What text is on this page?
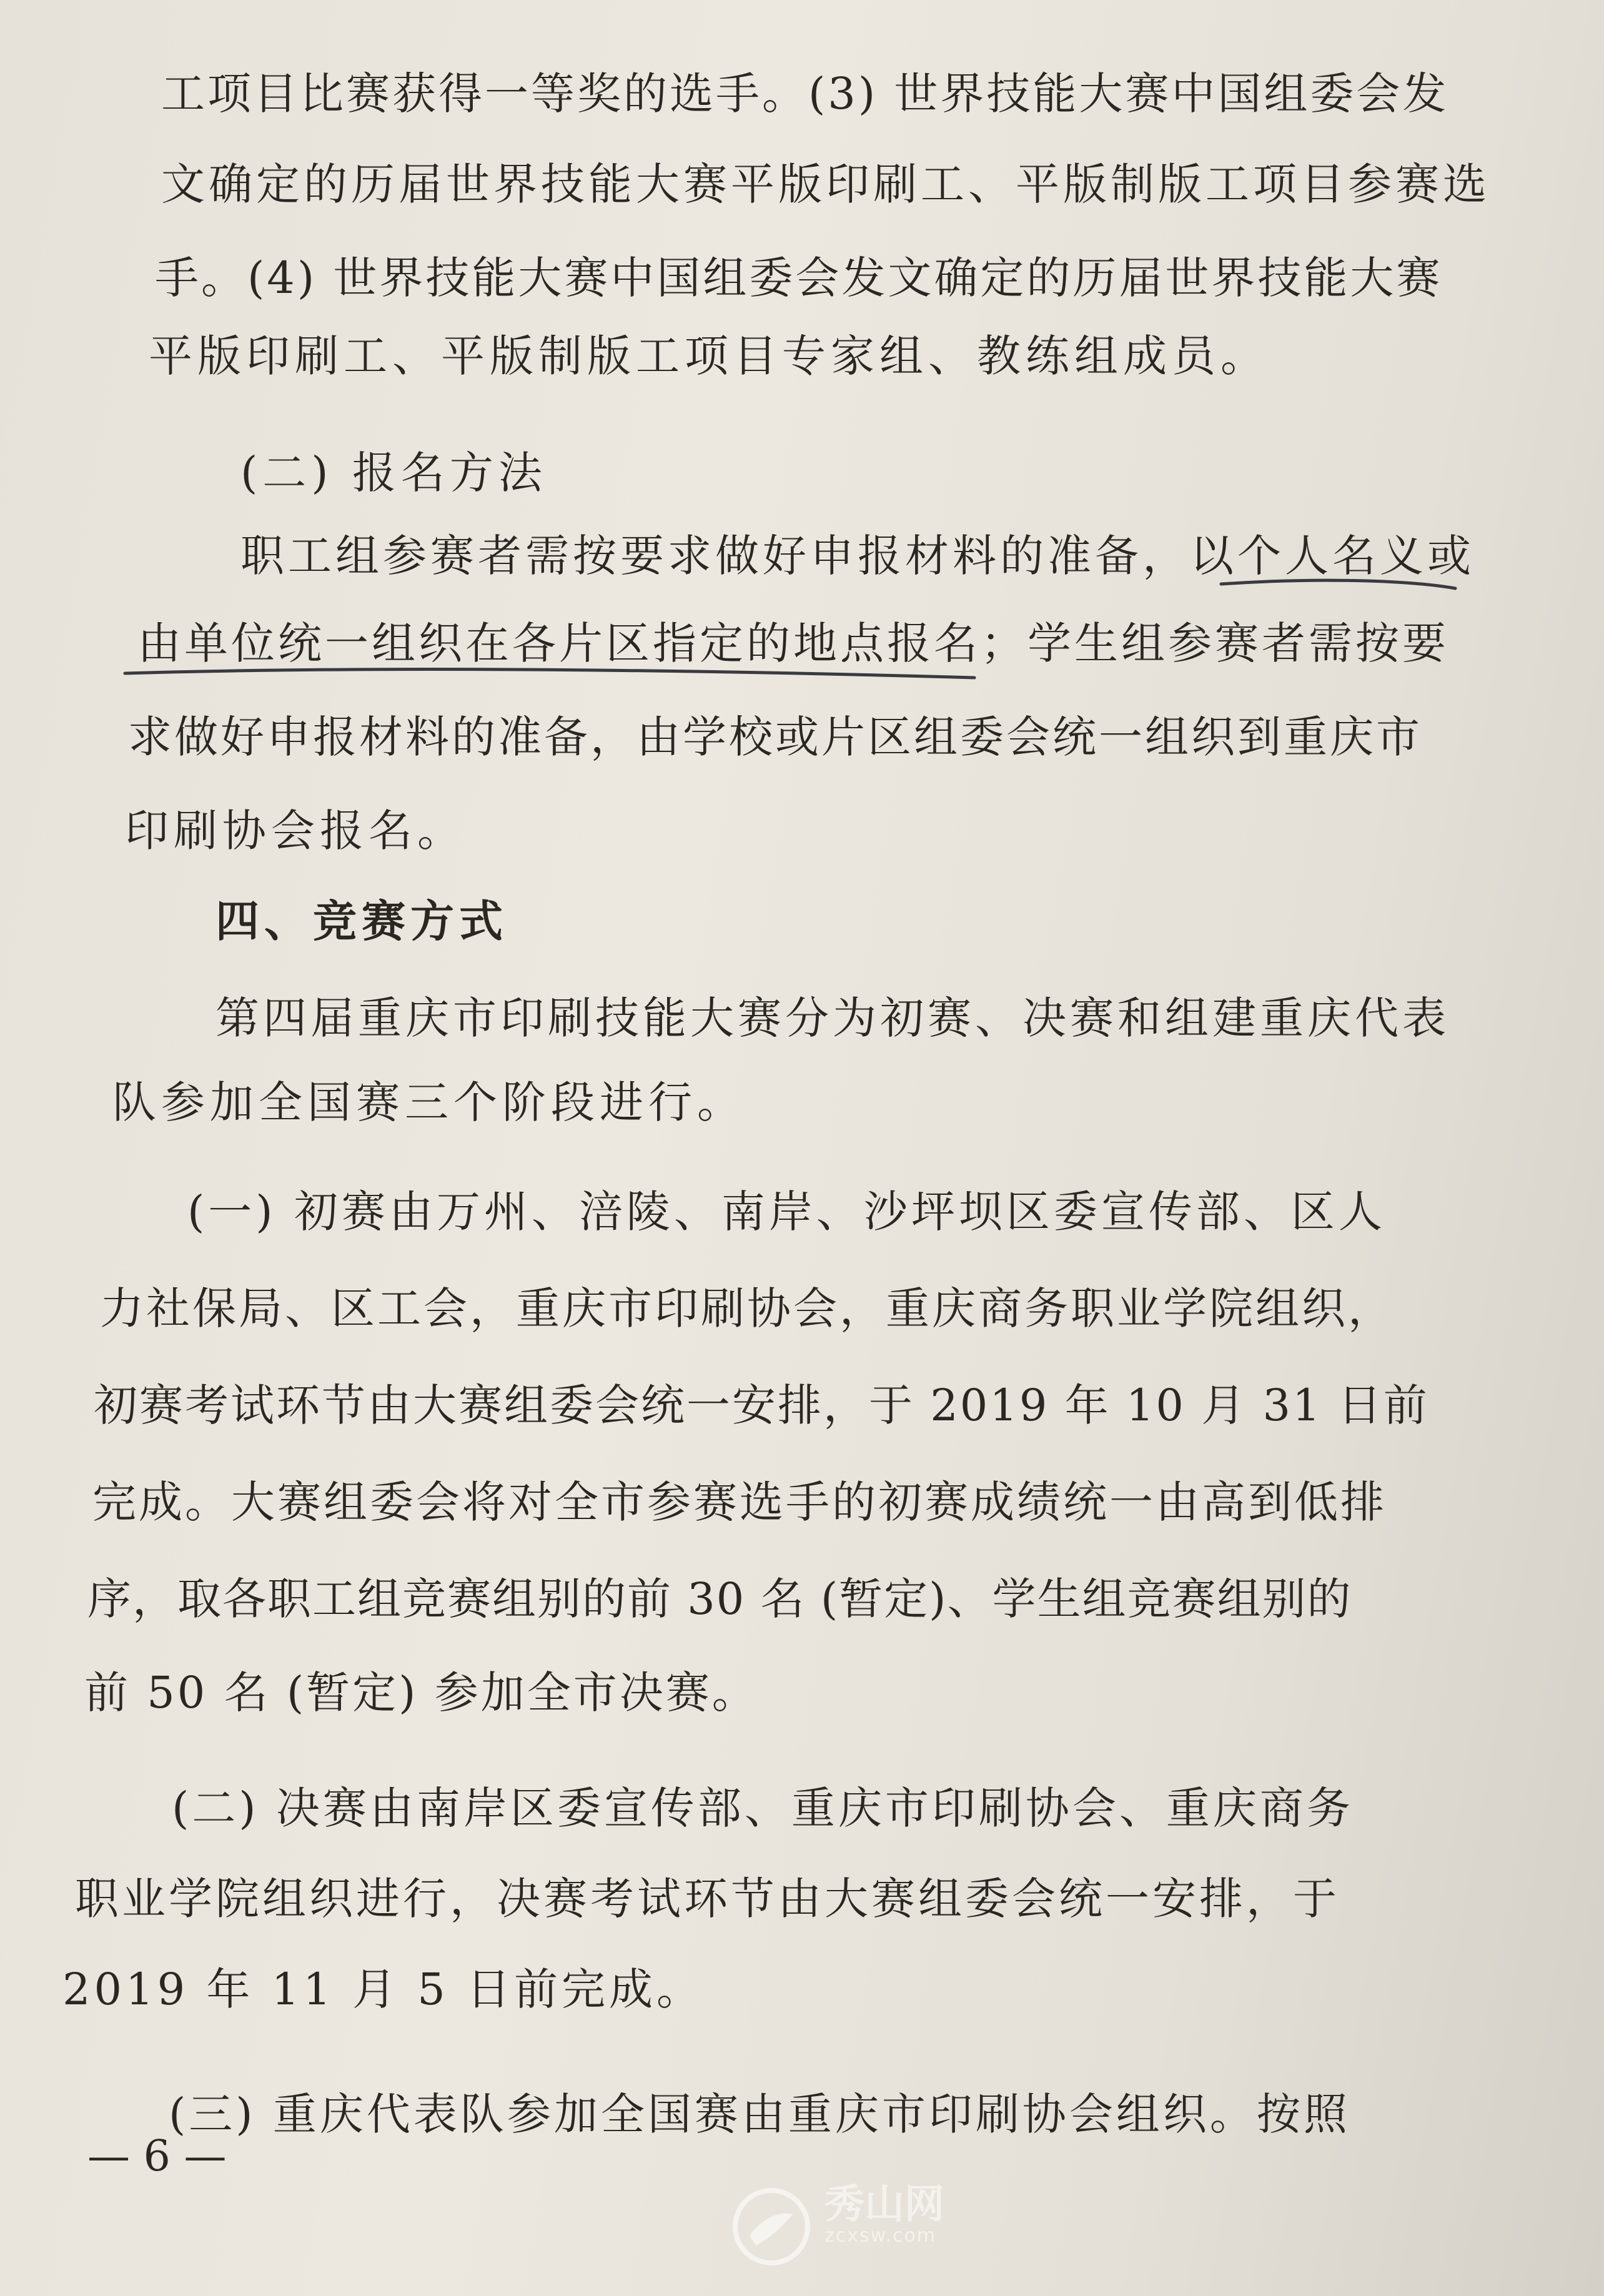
工项目比赛获得一等奖的选手。(3) 世界技能大赛中国组委会发
文确定的历届世界技能大赛平版印刷工、平版制版工项目参赛选
手。(4) 世界技能大赛中国组委会发文确定的历届世界技能大赛
平版印刷工、平版制版工项目专家组、教练组成员。
(二) 报名方法
职工组参赛者需按要求做好申报材料的准备，以个人名义或
由单位统一组织在各片区指定的地点报名；学生组参赛者需按要
求做好申报材料的准备，由学校或片区组委会统一组织到重庆市
印刷协会报名。
四、竞赛方式
第四届重庆市印刷技能大赛分为初赛、决赛和组建重庆代表
队参加全国赛三个阶段进行。
(一) 初赛由万州、涪陵、南岸、沙坪坝区委宣传部、区人
力社保局、区工会，重庆市印刷协会，重庆商务职业学院组织，
初赛考试环节由大赛组委会统一安排，于 2019 年 10 月 31 日前
完成。大赛组委会将对全市参赛选手的初赛成绩统一由高到低排
序，取各职工组竞赛组别的前 30 名 (暂定)、学生组竞赛组别的
前 50 名 (暂定) 参加全市决赛。
(二) 决赛由南岸区委宣传部、重庆市印刷协会、重庆商务
职业学院组织进行，决赛考试环节由大赛组委会统一安排，于
2019 年 11 月 5 日前完成。
(三) 重庆代表队参加全国赛由重庆市印刷协会组织。按照
— 6 —
秀山网
zcxsw.com
